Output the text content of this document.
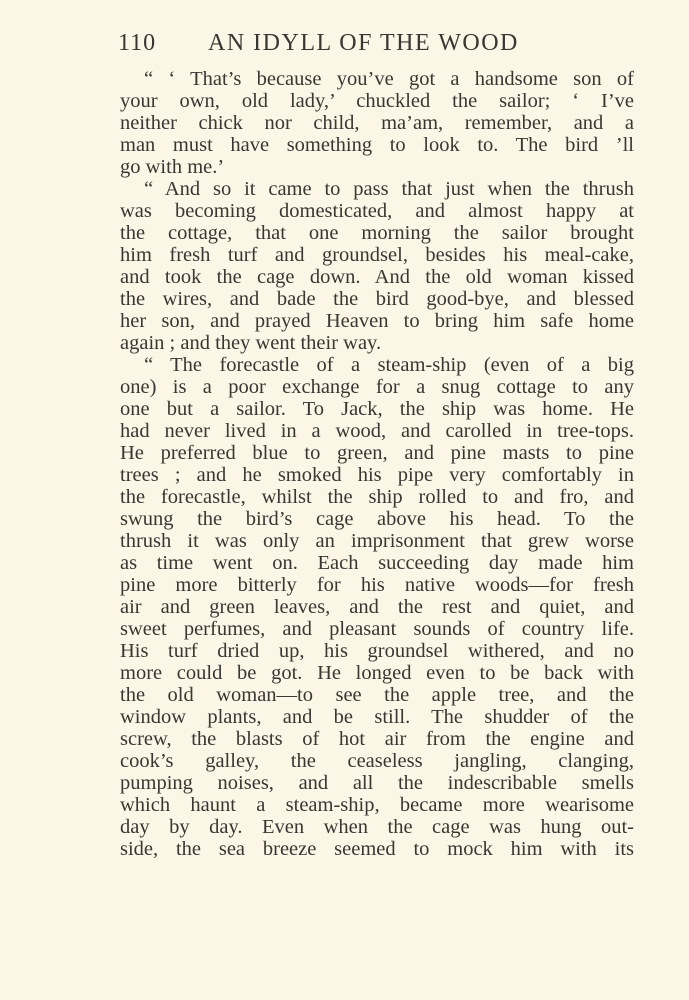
110 AN IDYLL OF THE WOOD
“ ‘ That’s because you’ve got a handsome son of
your own, old lady,’ chuckled the sailor; ‘ I’ve
neither chick nor child, ma’am, remember, and a
man must have something to look to. The bird ’ll
go with me.’
“ And so it came to pass that just when the thrush
was becoming domesticated, and almost happy at
the cottage, that one morning the sailor brought
him fresh turf and groundsel, besides his meal-cake,
and took the cage down. And the old woman kissed
the wires, and bade the bird good-bye, and blessed
her son, and prayed Heaven to bring him safe home
again ; and they went their way.
“ The forecastle of a steam-ship (even of a big
one) is a poor exchange for a snug cottage to any
one but a sailor. To Jack, the ship was home. He
had never lived in a wood, and carolled in tree-tops.
He preferred blue to green, and pine masts to pine
trees ; and he smoked his pipe very comfortably in
the forecastle, whilst the ship rolled to and fro, and
swung the bird’s cage above his head. To the
thrush it was only an imprisonment that grew worse
as time went on. Each succeeding day made him
pine more bitterly for his native woods—for fresh
air and green leaves, and the rest and quiet, and
sweet perfumes, and pleasant sounds of country life.
His turf dried up, his groundsel withered, and no
more could be got. He longed even to be back with
the old woman—to see the apple tree, and the
window plants, and be still. The shudder of the
screw, the blasts of hot air from the engine and
cook’s galley, the ceaseless jangling, clanging,
pumping noises, and all the indescribable smells
which haunt a steam-ship, became more wearisome
day by day. Even when the cage was hung out-
side, the sea breeze seemed to mock him with its
